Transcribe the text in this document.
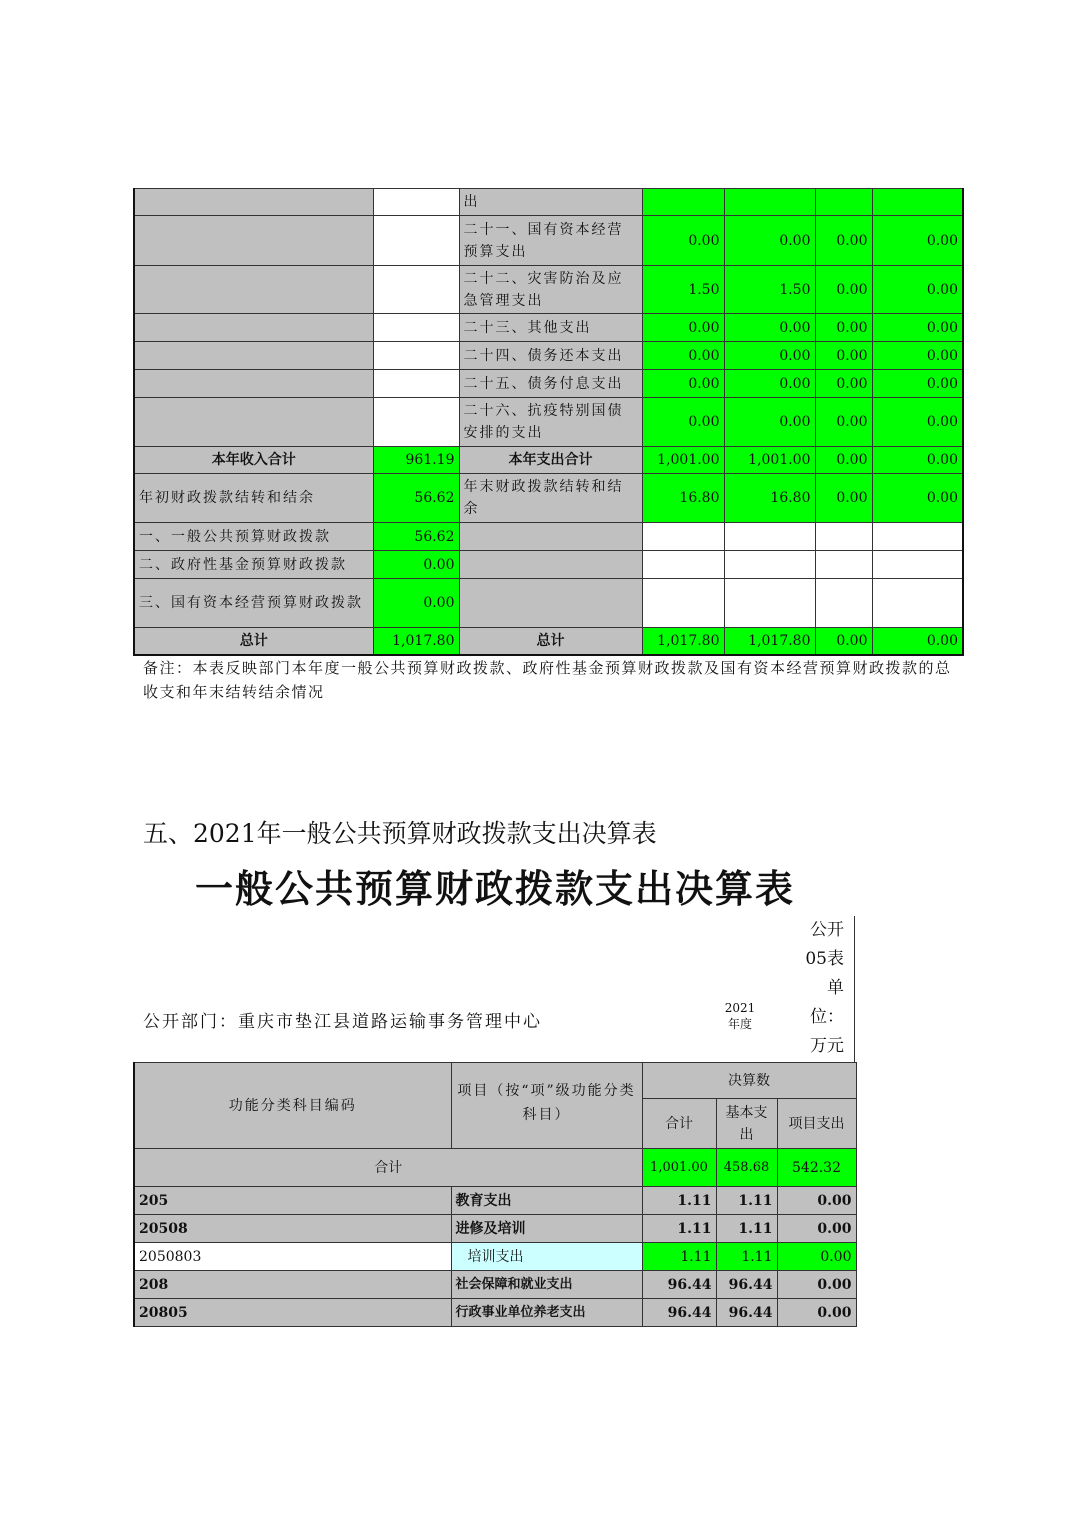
		出				
		二十一、国有资本经营预算支出	0.00	0.00	0.00	0.00
		二十二、灾害防治及应急管理支出	1.50	1.50	0.00	0.00
		二十三、其他支出	0.00	0.00	0.00	0.00
		二十四、债务还本支出	0.00	0.00	0.00	0.00
		二十五、债务付息支出	0.00	0.00	0.00	0.00
		二十六、抗疫特别国债安排的支出	0.00	0.00	0.00	0.00
本年收入合计	961.19	本年支出合计	1,001.00	1,001.00	0.00	0.00
年初财政拨款结转和结余	56.62	年末财政拨款结转和结余	16.80	16.80	0.00	0.00
一、一般公共预算财政拨款	56.62					
二、政府性基金预算财政拨款	0.00					
三、国有资本经营预算财政拨款	0.00					
总计	1,017.80	总计	1,017.80	1,017.80	0.00	0.00
备注：本表反映部门本年度一般公共预算财政拨款、政府性基金预算财政拨款及国有资本经营预算财政拨款的总收支和年末结转结余情况
五、2021年一般公共预算财政拨款支出决算表
一般公共预算财政拨款支出决算表
公开
05表
单
位：
万元
公开部门：重庆市垫江县道路运输事务管理中心
2021
年度
功能分类科目编码	项目（按“项”级功能分类科目）	决算数		
		合计	基本支出	项目支出
合计		1,001.00	458.68	542.32
205	教育支出	1.11	1.11	0.00
20508	进修及培训	1.11	1.11	0.00
2050803	培训支出	1.11	1.11	0.00
208	社会保障和就业支出	96.44	96.44	0.00
20805	行政事业单位养老支出	96.44	96.44	0.00
